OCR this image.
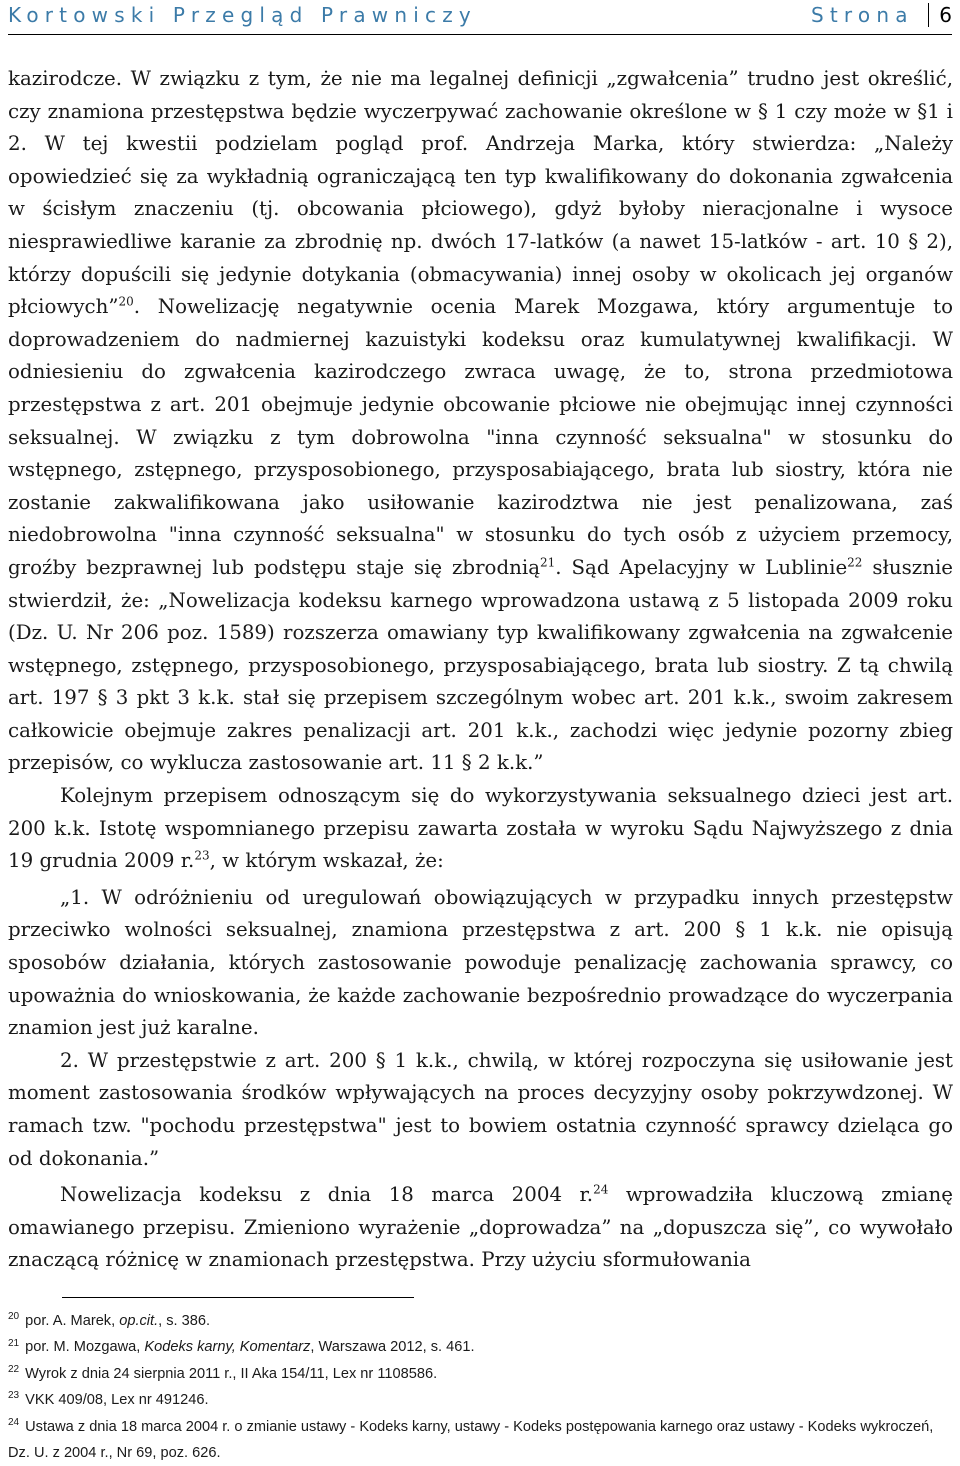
Kortowski Przegląd Prawniczy	Strona 6

kazirodcze. W związku z tym, że nie ma legalnej definicji „zgwałcenia” trudno jest określić, czy znamiona przestępstwa będzie wyczerpywać zachowanie określone w § 1 czy może w §1 i 2. W tej kwestii podzielam pogląd prof. Andrzeja Marka, który stwierdza: „Należy opowiedzieć się za wykładnią ograniczającą ten typ kwalifikowany do dokonania zgwałcenia w ścisłym znaczeniu (tj. obcowania płciowego), gdyż byłoby nieracjonalne i wysoce niesprawiedliwe karanie za zbrodnię np. dwóch 17-latków (a nawet 15-latków - art. 10 § 2), którzy dopuścili się jedynie dotykania (obmacywania) innej osoby w okolicach jej organów płciowych”$^{20}$. Nowelizację negatywnie ocenia Marek Mozgawa, który argumentuje to doprowadzeniem do nadmiernej kazuistyki kodeksu oraz kumulatywnej kwalifikacji. W odniesieniu do zgwałcenia kazirodczego zwraca uwagę, że to, strona przedmiotowa przestępstwa z art. 201 obejmuje jedynie obcowanie płciowe nie obejmując innej czynności seksualnej. W związku z tym dobrowolna "inna czynność seksualna" w stosunku do wstępnego, zstępnego, przysposobionego, przysposabiającego, brata lub siostry, która nie zostanie zakwalifikowana jako usiłowanie kazirodztwa nie jest penalizowana, zaś niedobrowolna "inna czynność seksualna" w stosunku do tych osób z użyciem przemocy, groźby bezprawnej lub podstępu staje się zbrodnią$^{21}$. Sąd Apelacyjny w Lublinie$^{22}$ słusznie stwierdził, że: „Nowelizacja kodeksu karnego wprowadzona ustawą z 5 listopada 2009 roku (Dz. U. Nr 206 poz. 1589) rozszerza omawiany typ kwalifikowany zgwałcenia na zgwałcenie wstępnego, zstępnego, przysposobionego, przysposabiającego, brata lub siostry. Z tą chwilą art. 197 § 3 pkt 3 k.k. stał się przepisem szczególnym wobec art. 201 k.k., swoim zakresem całkowicie obejmuje zakres penalizacji art. 201 k.k., zachodzi więc jedynie pozorny zbieg przepisów, co wyklucza zastosowanie art. 11 § 2 k.k.”

Kolejnym przepisem odnoszącym się do wykorzystywania seksualnego dzieci jest art. 200 k.k. Istotę wspomnianego przepisu zawarta została w wyroku Sądu Najwyższego z dnia 19 grudnia 2009 r.$^{23}$, w którym wskazał, że:

„1. W odróżnieniu od uregulowań obowiązujących w przypadku innych przestępstw przeciwko wolności seksualnej, znamiona przestępstwa z art. 200 § 1 k.k. nie opisują sposobów działania, których zastosowanie powoduje penalizację zachowania sprawcy, co upoważnia do wnioskowania, że każde zachowanie bezpośrednio prowadzące do wyczerpania znamion jest już karalne.

2. W przestępstwie z art. 200 § 1 k.k., chwilą, w której rozpoczyna się usiłowanie jest moment zastosowania środków wpływających na proces decyzyjny osoby pokrzywdzonej. W ramach tzw. "pochodu przestępstwa" jest to bowiem ostatnia czynność sprawcy dzieląca go od dokonania.”

Nowelizacja kodeksu z dnia 18 marca 2004 r.$^{24}$ wprowadziła kluczową zmianę omawianego przepisu. Zmieniono wyrażenie „doprowadza” na „dopuszcza się”, co wywołało znaczącą różnicę w znamionach przestępstwa. Przy użyciu sformułowania

$^{20}$ por. A. Marek, op.cit., s. 386.

$^{21}$ por. M. Mozgawa, Kodeks karny, Komentarz, Warszawa 2012, s. 461.

$^{22}$ Wyrok z dnia 24 sierpnia 2011 r., II Aka 154/11, Lex nr 1108586.

$^{23}$ VKK 409/08, Lex nr 491246.

$^{24}$ Ustawa z dnia 18 marca 2004 r. o zmianie ustawy - Kodeks karny, ustawy - Kodeks postępowania karnego oraz ustawy - Kodeks wykroczeń, Dz. U. z 2004 r., Nr 69, poz. 626.
